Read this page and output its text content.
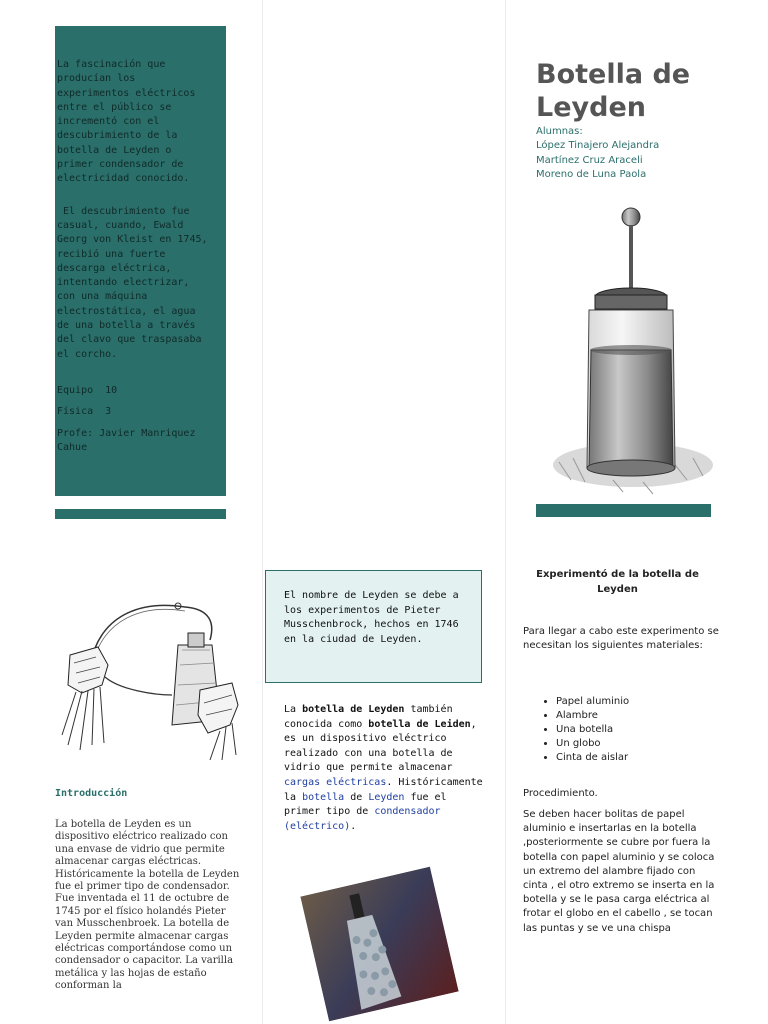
La fascinación que
producían los
experimentos eléctricos
entre el público se
incrementó con el
descubrimiento de la
botella de Leyden o
primer condensador de
electricidad conocido.

El descubrimiento fue
casual, cuando, Ewald
Georg von Kleist en 1745,
recibió una fuerte
descarga eléctrica,
intentando electrizar,
con una máquina
electrostática, el agua
de una botella a través
del clavo que traspasaba
el corcho.

Equipo  10

Física  3

Profe: Javier Manriquez
Cahue

Introducción

La botella de Leyden es un dispositivo eléctrico realizado con una envase de vidrio que permite almacenar cargas eléctricas. Históricamente la botella de Leyden fue el primer tipo de condensador. Fue inventada el 11 de octubre de 1745 por el físico holandés Pieter van Musschenbroek. La botella de Leyden permite almacenar cargas eléctricas comportándose como un condensador o capacitor. La varilla metálica y las hojas de estaño conforman la

El nombre de Leyden se debe a los experimentos de Pieter Musschenbrock, hechos en 1746 en la ciudad de Leyden.

La botella de Leyden también conocida como botella de Leiden, es un dispositivo eléctrico realizado con una botella de vidrio que permite almacenar cargas eléctricas. Históricamente la botella de Leyden fue el primer tipo de condensador (eléctrico).

Botella de Leyden
Alumnas:
López Tinajero Alejandra
Martínez Cruz Araceli
Moreno de Luna Paola

Experimentó de la botella de Leyden

Para llegar a cabo este experimento se necesitan los siguientes materiales:

• Papel aluminio
• Alambre
• Una botella
• Un globo
• Cinta de aislar

Procedimiento.

Se deben hacer bolitas de papel aluminio e insertarlas en la botella ,posteriormente se cubre por fuera la botella con papel aluminio y se coloca un extremo del alambre fijado con cinta , el otro extremo se inserta en la botella y se le pasa carga eléctrica al frotar el globo en el cabello , se tocan las puntas y se ve una chispa
